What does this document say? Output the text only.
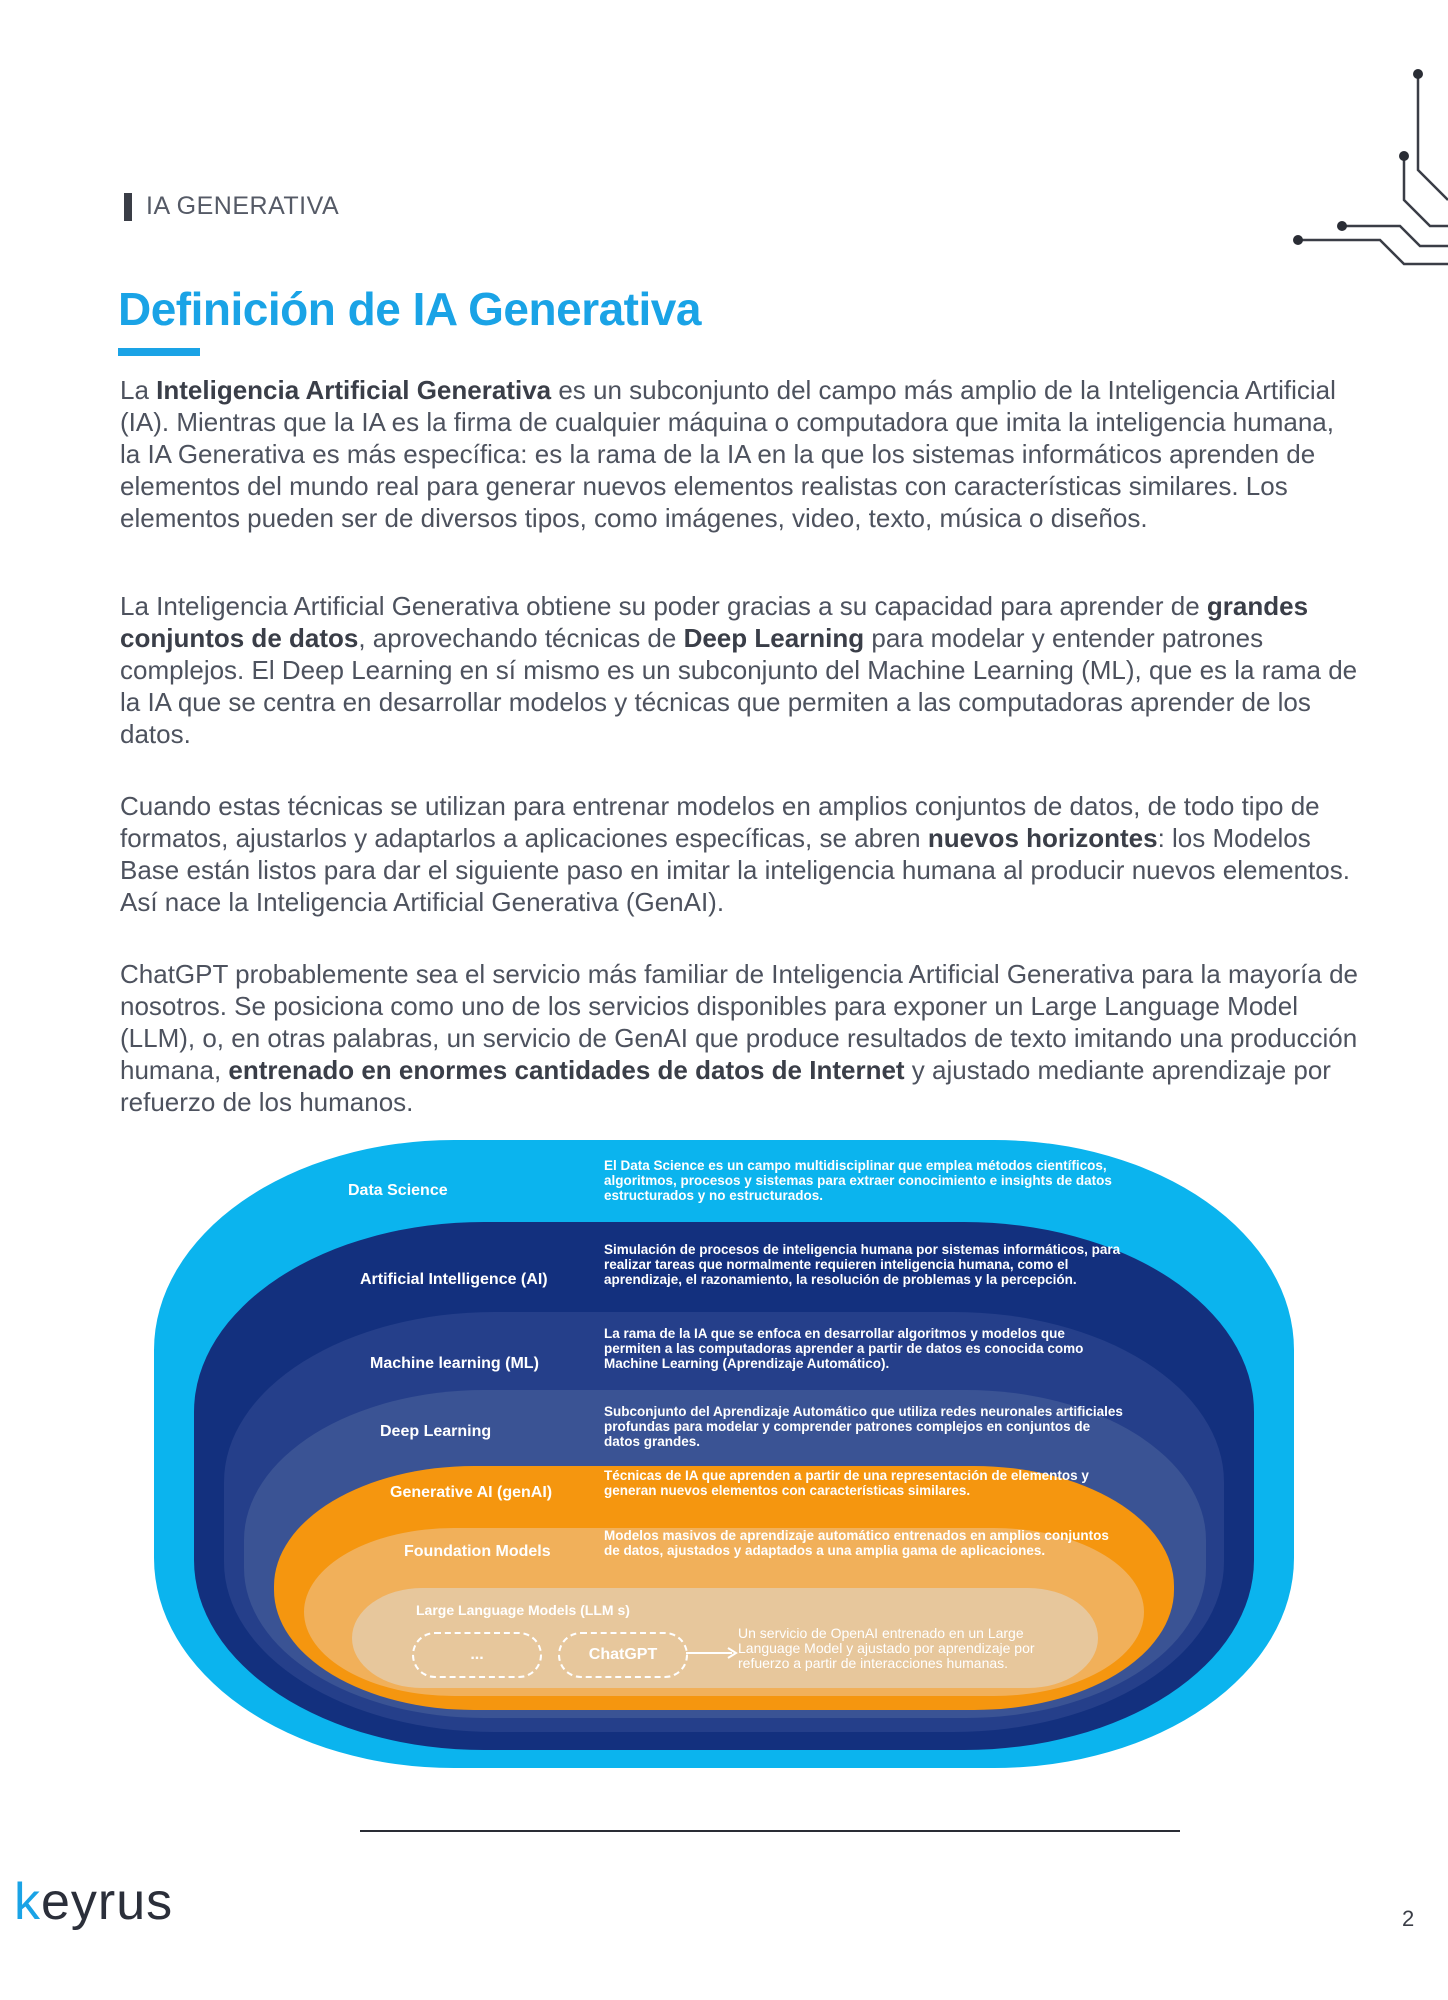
IA GENERATIVA
Definición de IA Generativa

La Inteligencia Artificial Generativa es un subconjunto del campo más amplio de la Inteligencia Artificial (IA). Mientras que la IA es la firma de cualquier máquina o computadora que imita la inteligencia humana, la IA Generativa es más específica: es la rama de la IA en la que los sistemas informáticos aprenden de elementos del mundo real para generar nuevos elementos realistas con características similares. Los elementos pueden ser de diversos tipos, como imágenes, video, texto, música o diseños.

La Inteligencia Artificial Generativa obtiene su poder gracias a su capacidad para aprender de grandes conjuntos de datos, aprovechando técnicas de Deep Learning para modelar y entender patrones complejos. El Deep Learning en sí mismo es un subconjunto del Machine Learning (ML), que es la rama de la IA que se centra en desarrollar modelos y técnicas que permiten a las computadoras aprender de los datos.

Cuando estas técnicas se utilizan para entrenar modelos en amplios conjuntos de datos, de todo tipo de formatos, ajustarlos y adaptarlos a aplicaciones específicas, se abren nuevos horizontes: los Modelos Base están listos para dar el siguiente paso en imitar la inteligencia humana al producir nuevos elementos. Así nace la Inteligencia Artificial Generativa (GenAI).

ChatGPT probablemente sea el servicio más familiar de Inteligencia Artificial Generativa para la mayoría de nosotros. Se posiciona como uno de los servicios disponibles para exponer un Large Language Model (LLM), o, en otras palabras, un servicio de GenAI que produce resultados de texto imitando una producción humana, entrenado en enormes cantidades de datos de Internet y ajustado mediante aprendizaje por refuerzo de los humanos.

Data Science
El Data Science es un campo multidisciplinar que emplea métodos científicos, algoritmos, procesos y sistemas para extraer conocimiento e insights de datos estructurados y no estructurados.
Artificial Intelligence (AI)
Simulación de procesos de inteligencia humana por sistemas informáticos, para realizar tareas que normalmente requieren inteligencia humana, como el aprendizaje, el razonamiento, la resolución de problemas y la percepción.
Machine learning (ML)
La rama de la IA que se enfoca en desarrollar algoritmos y modelos que permiten a las computadoras aprender a partir de datos es conocida como Machine Learning (Aprendizaje Automático).
Deep Learning
Subconjunto del Aprendizaje Automático que utiliza redes neuronales artificiales profundas para modelar y comprender patrones complejos en conjuntos de datos grandes.
Generative AI (genAI)
Técnicas de IA que aprenden a partir de una representación de elementos y generan nuevos elementos con características similares.
Foundation Models
Modelos masivos de aprendizaje automático entrenados en amplios conjuntos de datos, ajustados y adaptados a una amplia gama de aplicaciones.
Large Language Models (LLM s)
...	ChatGPT
Un servicio de OpenAI entrenado en un Large Language Model y ajustado por aprendizaje por refuerzo a partir de interacciones humanas.
keyrus	2
